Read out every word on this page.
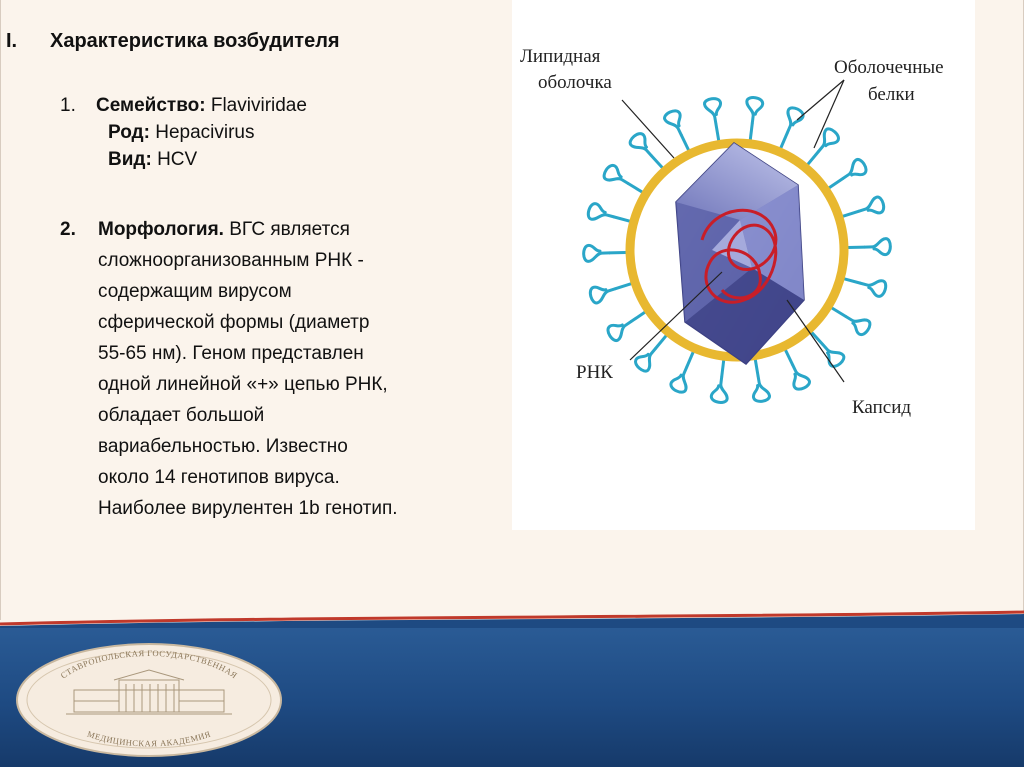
I. Характеристика возбудителя
1. Семейство: Flaviviridae
Род: Hepacivirus
Вид: HCV
2. Морфология. ВГС является
сложноорганизованным РНК -
содержащим вирусом
сферической формы (диаметр
55-65 нм). Геном представлен
одной линейной «+» цепью РНК,
обладает большой
вариабельностью. Известно
около 14 генотипов вируса.
Наиболее вирулентен 1b генотип.
Липидная
оболочка
Оболочечные
белки
РНК
Капсид
СТАВРОПОЛЬСКАЯ ГОСУДАРСТВЕННАЯ
МЕДИЦИНСКАЯ АКАДЕМИЯ
